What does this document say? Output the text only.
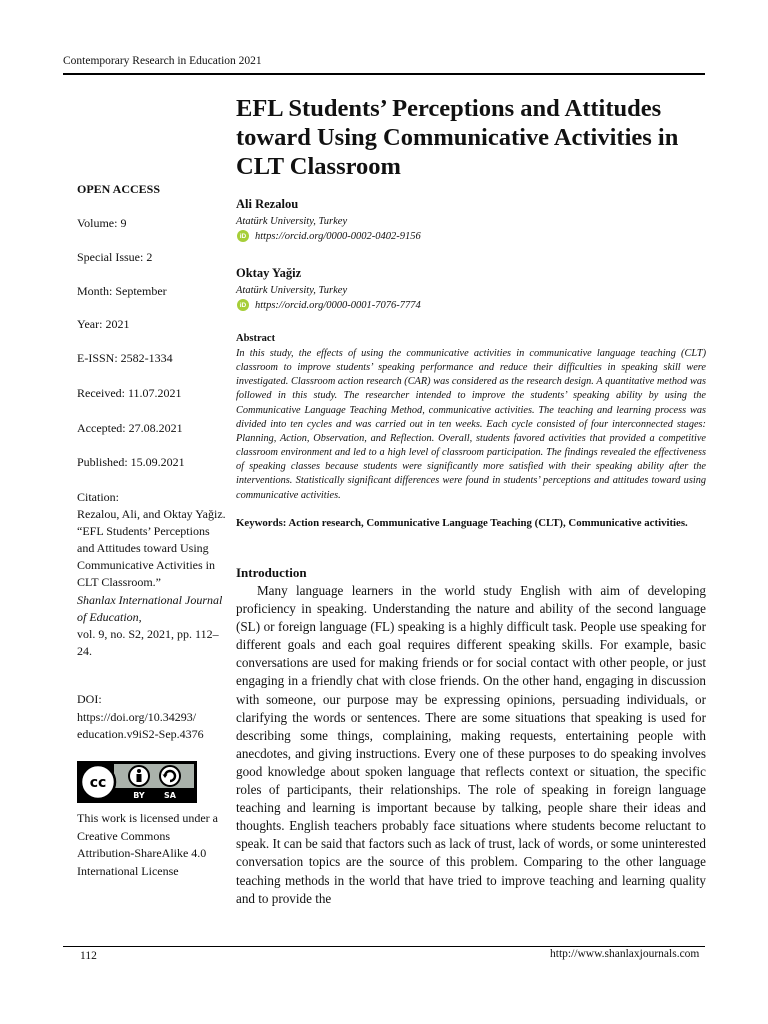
Contemporary Research in Education 2021
EFL Students’ Perceptions and Attitudes toward Using Communicative Activities in CLT Classroom
Ali Rezalou
Atatürk University, Turkey
iD https://orcid.org/0000-0002-0402-9156
Oktay Yağiz
Atatürk University, Turkey
iD https://orcid.org/0000-0001-7076-7774
Abstract
In this study, the effects of using the communicative activities in communicative language teaching (CLT) classroom to improve students’ speaking performance and reduce their difficulties in speaking skill were investigated. Classroom action research (CAR) was considered as the research design. A quantitative method was followed in this study. The researcher intended to improve the students’ speaking ability by using the Communicative Language Teaching Method, communicative activities. The teaching and learning process was divided into ten cycles and was carried out in ten weeks. Each cycle consisted of four interconnected stages: Planning, Action, Observation, and Reflection. Overall, students favored activities that provided a competitive classroom environment and led to a high level of classroom participation. The findings revealed the effectiveness of speaking classes because students were significantly more satisfied with their speaking ability after the interventions. Statistically significant differences were found in students’ perceptions and attitudes toward using communicative activities.
Keywords: Action research, Communicative Language Teaching (CLT), Communicative activities.
Introduction
Many language learners in the world study English with aim of developing proficiency in speaking. Understanding the nature and ability of the second language (SL) or foreign language (FL) speaking is a highly difficult task. People use speaking for different goals and each goal requires different speaking skills. For example, basic conversations are used for making friends or for social contact with other people, or just engaging in a friendly chat with close friends. On the other hand, engaging in discussion with someone, our purpose may be expressing opinions, persuading individuals, or clarifying the words or sentences. There are some situations that speaking is used for describing some things, complaining, making requests, entertaining people with anecdotes, and giving instructions. Every one of these purposes to do speaking involves good knowledge about spoken language that reflects context or situation, the specific roles of participants, their relationships. The role of speaking in foreign language teaching and learning is important because by talking, people share their ideas and thoughts. English teachers probably face situations where students become reluctant to speak. It can be said that factors such as lack of trust, lack of words, or some uninterested conversation topics are the source of this problem. Comparing to the other language teaching methods in the world that have tried to improve teaching and learning quality and to provide the
OPEN ACCESS
Volume: 9
Special Issue: 2
Month: September
Year: 2021
E-ISSN: 2582-1334
Received: 11.07.2021
Accepted: 27.08.2021
Published: 15.09.2021
Citation:
Rezalou, Ali, and Oktay Yağiz. “EFL Students’ Perceptions and Attitudes toward Using Communicative Activities in CLT Classroom.”
Shanlax International Journal of Education,
vol. 9, no. S2, 2021, pp. 112–24.
DOI:
https://doi.org/10.34293/
education.v9iS2-Sep.4376
cc
BY SA
This work is licensed under a Creative Commons Attribution-ShareAlike 4.0 International License
112	http://www.shanlaxjournals.com
